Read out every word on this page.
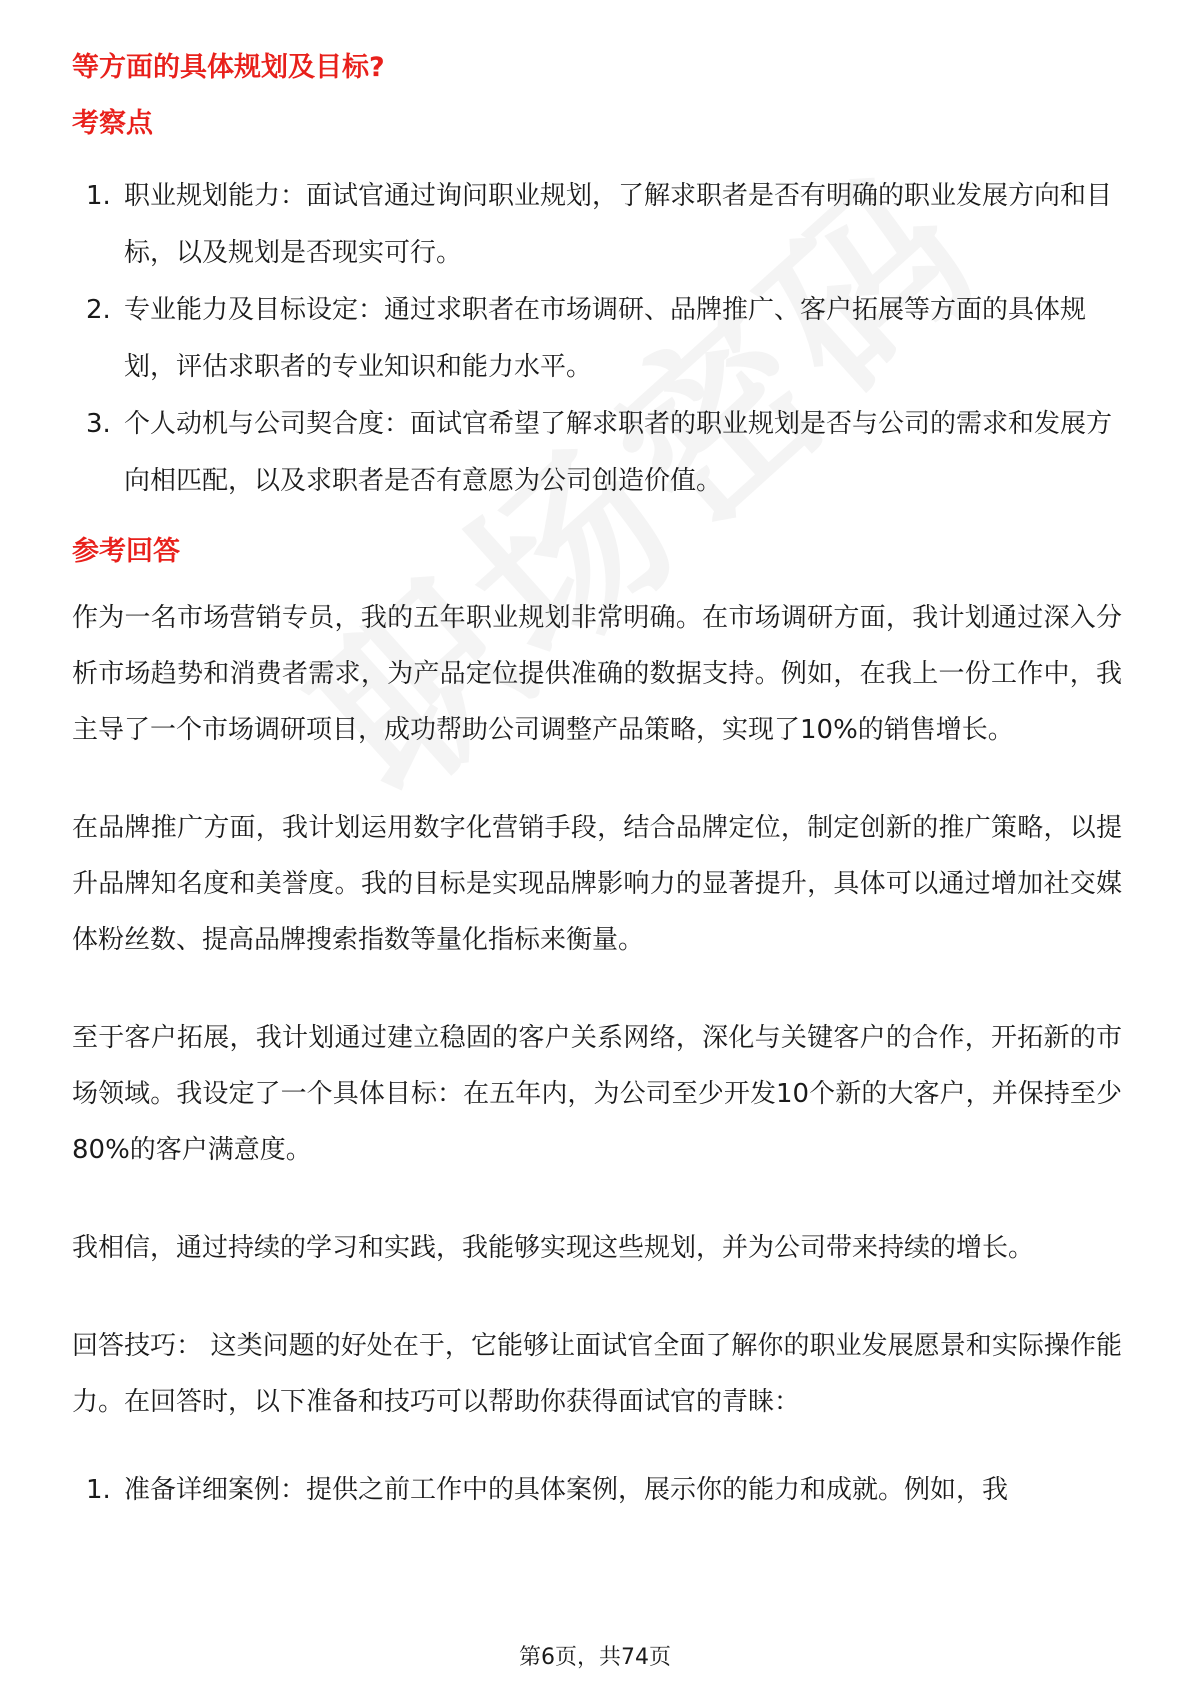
等方面的具体规划及目标?

考察点

1. 职业规划能力：面试官通过询问职业规划，了解求职者是否有明确的职业发展方向和目标，以及规划是否现实可行。
2. 专业能力及目标设定：通过求职者在市场调研、品牌推广、客户拓展等方面的具体规划，评估求职者的专业知识和能力水平。
3. 个人动机与公司契合度：面试官希望了解求职者的职业规划是否与公司的需求和发展方向相匹配，以及求职者是否有意愿为公司创造价值。

参考回答

作为一名市场营销专员，我的五年职业规划非常明确。在市场调研方面，我计划通过深入分析市场趋势和消费者需求，为产品定位提供准确的数据支持。例如，在我上一份工作中，我主导了一个市场调研项目，成功帮助公司调整产品策略，实现了10%的销售增长。

在品牌推广方面，我计划运用数字化营销手段，结合品牌定位，制定创新的推广策略，以提升品牌知名度和美誉度。我的目标是实现品牌影响力的显著提升，具体可以通过增加社交媒体粉丝数、提高品牌搜索指数等量化指标来衡量。

至于客户拓展，我计划通过建立稳固的客户关系网络，深化与关键客户的合作，开拓新的市场领域。我设定了一个具体目标：在五年内，为公司至少开发10个新的大客户，并保持至少80%的客户满意度。

我相信，通过持续的学习和实践，我能够实现这些规划，并为公司带来持续的增长。

回答技巧： 这类问题的好处在于，它能够让面试官全面了解你的职业发展愿景和实际操作能力。在回答时，以下准备和技巧可以帮助你获得面试官的青睐：

1. 准备详细案例：提供之前工作中的具体案例，展示你的能力和成就。例如，我
第6页，共74页
